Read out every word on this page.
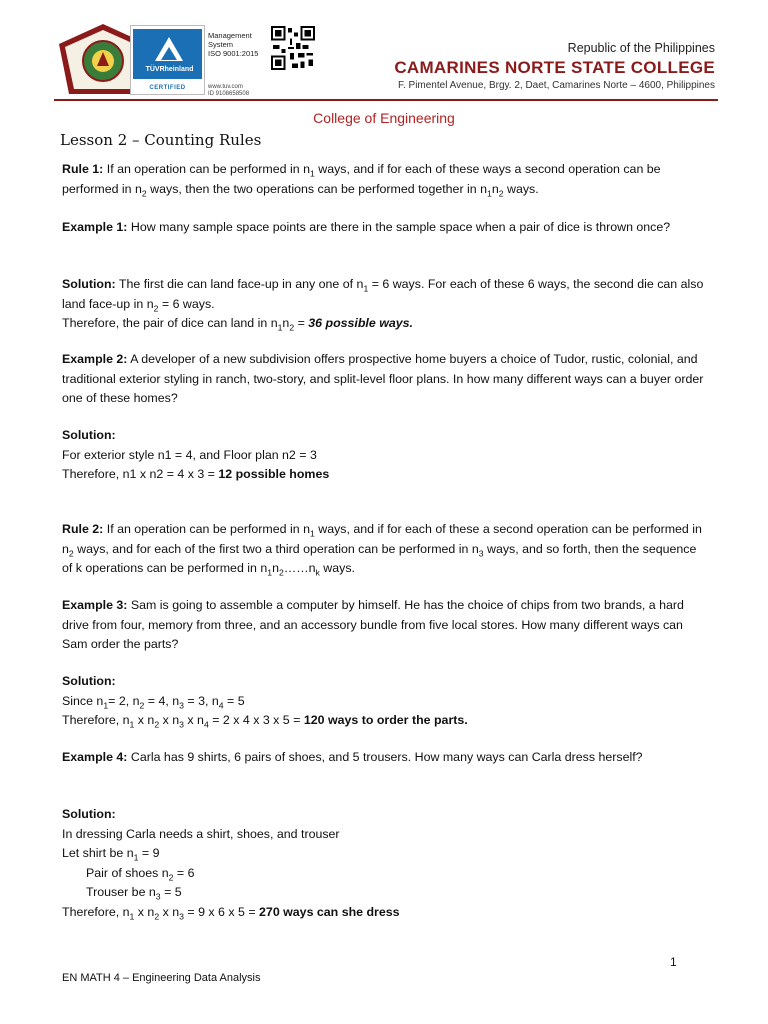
TÜVRheinland
CERTIFIED
Management System
ISO 9001:2015
www.tuv.com
ID 9108658508
Republic of the Philippines
CAMARINES NORTE STATE COLLEGE
F. Pimentel Avenue, Brgy. 2, Daet, Camarines Norte – 4600, Philippines
College of Engineering
Lesson 2 – Counting Rules
Rule 1: If an operation can be performed in $n_1$ ways, and if for each of these ways a second operation can be performed in $n_2$ ways, then the two operations can be performed together in $n_1n_2$ ways.
Example 1: How many sample space points are there in the sample space when a pair of dice is thrown once?
Solution: The first die can land face-up in any one of $n_1 = 6$ ways. For each of these 6 ways, the second die can also land face-up in $n_2 = 6$ ways.
Therefore, the pair of dice can land in $n_1n_2 = 36$ possible ways.
Example 2: A developer of a new subdivision offers prospective home buyers a choice of Tudor, rustic, colonial, and traditional exterior styling in ranch, two-story, and split-level floor plans. In how many different ways can a buyer order one of these homes?
Solution:
For exterior style n1 = 4, and Floor plan n2 = 3
Therefore, n1 x n2 = 4 x 3 = 12 possible homes
Rule 2: If an operation can be performed in $n_1$ ways, and if for each of these a second operation can be performed in $n_2$ ways, and for each of the first two a third operation can be performed in $n_3$ ways, and so forth, then the sequence of k operations can be performed in $n_1n_2\dots\dots n_k$ ways.
Example 3: Sam is going to assemble a computer by himself. He has the choice of chips from two brands, a hard drive from four, memory from three, and an accessory bundle from five local stores. How many different ways can Sam order the parts?
Solution:
Since $n_1= 2$, $n_2 = 4$, $n_3 = 3$, $n_4 = 5$
Therefore, $n_1$ x $n_2$ x $n_3$ x $n_4 = 2$ x 4 x 3 x 5 = 120 ways to order the parts.
Example 4: Carla has 9 shirts, 6 pairs of shoes, and 5 trousers. How many ways can Carla dress herself?
Solution:
In dressing Carla needs a shirt, shoes, and trouser
Let shirt be $n_1 = 9$
Pair of shoes $n_2 = 6$
Trouser be $n_3 = 5$
Therefore, $n_1$ x $n_2$ x $n_3 = 9$ x 6 x 5 = 270 ways can she dress
1
EN MATH 4 – Engineering Data Analysis
